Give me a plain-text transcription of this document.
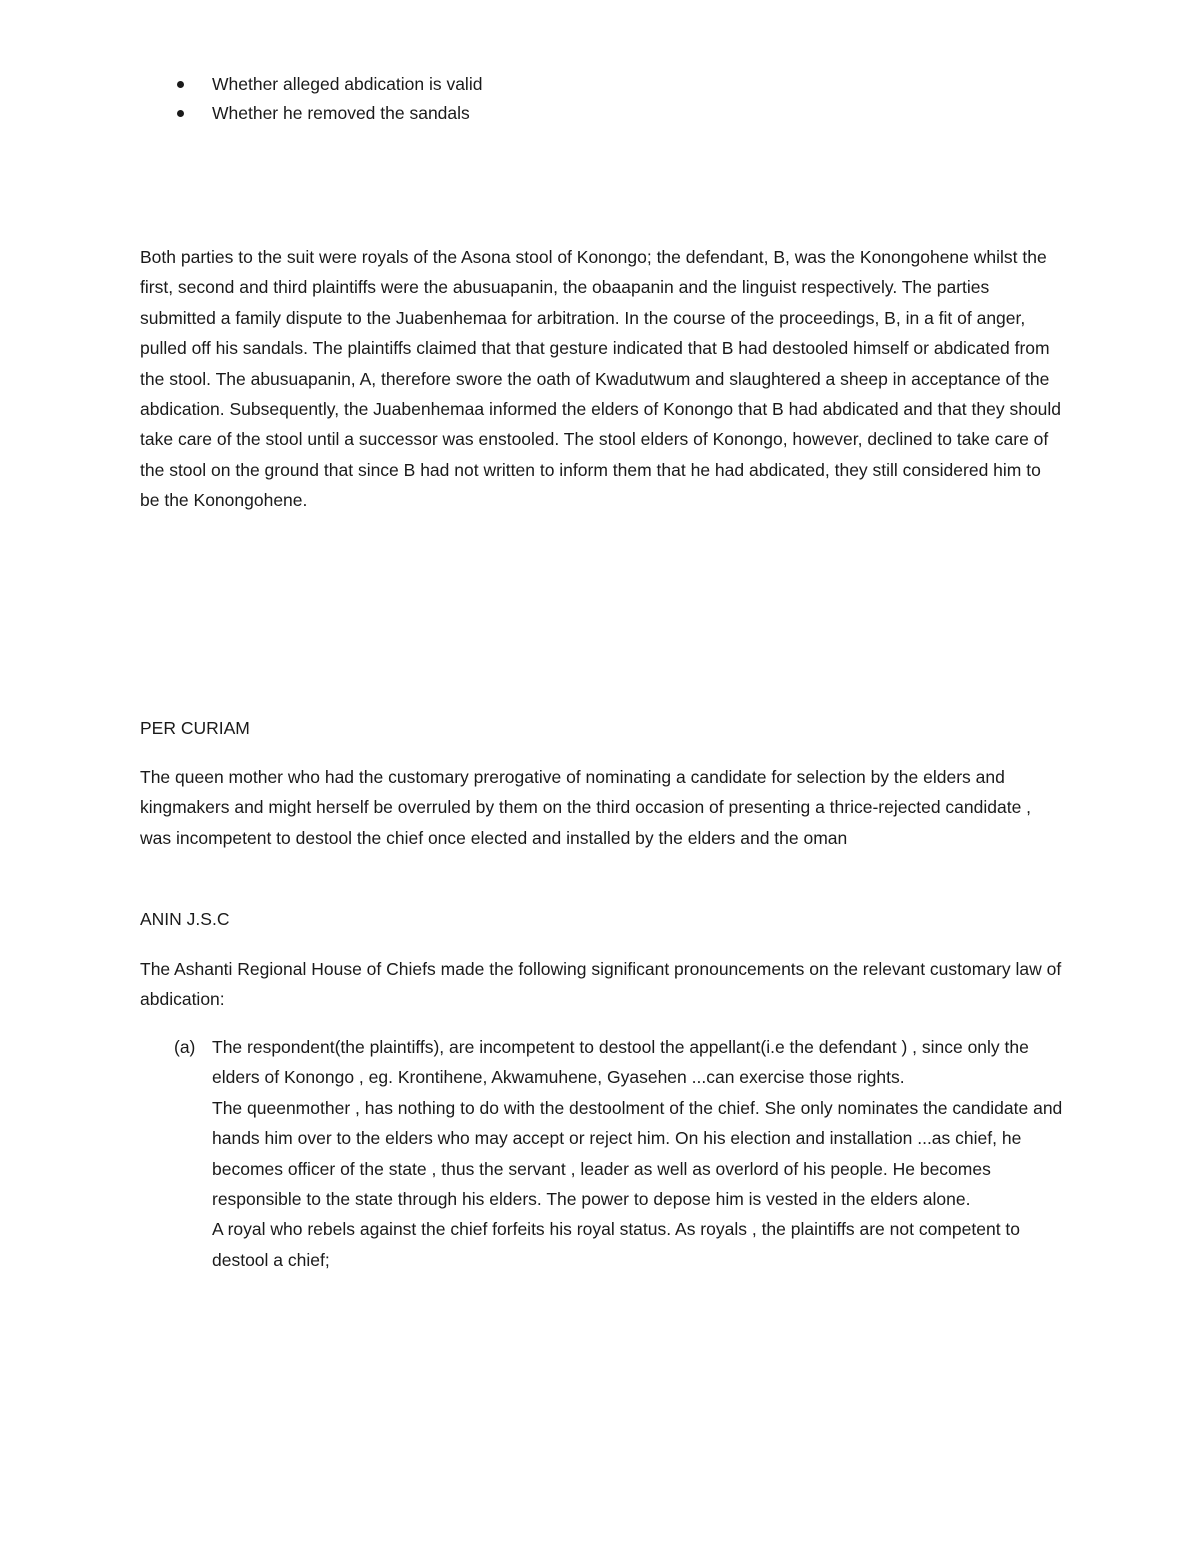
Whether alleged abdication is valid
Whether he removed the sandals

Both parties to the suit were royals of the Asona stool of Konongo; the defendant, B, was the Konongohene whilst the first, second and third plaintiffs were the abusuapanin, the obaapanin and the linguist respectively. The parties submitted a family dispute to the Juabenhemaa for arbitration. In the course of the proceedings, B, in a fit of anger, pulled off his sandals. The plaintiffs claimed that that gesture indicated that B had destooled himself or abdicated from the stool. The abusuapanin, A, therefore swore the oath of Kwadutwum and slaughtered a sheep in acceptance of the abdication. Subsequently, the Juabenhemaa informed the elders of Konongo that B had abdicated and that they should take care of the stool until a successor was enstooled. The stool elders of Konongo, however, declined to take care of the stool on the ground that since B had not written to inform them that he had abdicated, they still considered him to be the Konongohene.

PER CURIAM

The queen mother who had the customary prerogative of nominating a candidate for selection by the elders and kingmakers and might herself be overruled by them on the third occasion of presenting a thrice-rejected candidate , was incompetent to destool the chief once elected and installed by the elders and the oman

ANIN J.S.C

The Ashanti Regional House of Chiefs made the following significant pronouncements on the relevant customary law of abdication:

(a) The respondent(the plaintiffs), are incompetent to destool the appellant(i.e the defendant ) , since only the elders of Konongo , eg. Krontihene, Akwamuhene, Gyasehen ...can exercise those rights.

The queenmother , has nothing to do with the destoolment of the chief. She only nominates the candidate and hands him over to the elders who may accept or reject him. On his election and installation ...as chief, he becomes officer of the state , thus the servant , leader as well as overlord of his people. He becomes responsible to the state through his elders. The power to depose him is vested in the elders alone.

A royal who rebels against the chief forfeits his royal status. As royals , the plaintiffs are not competent to destool a chief;
